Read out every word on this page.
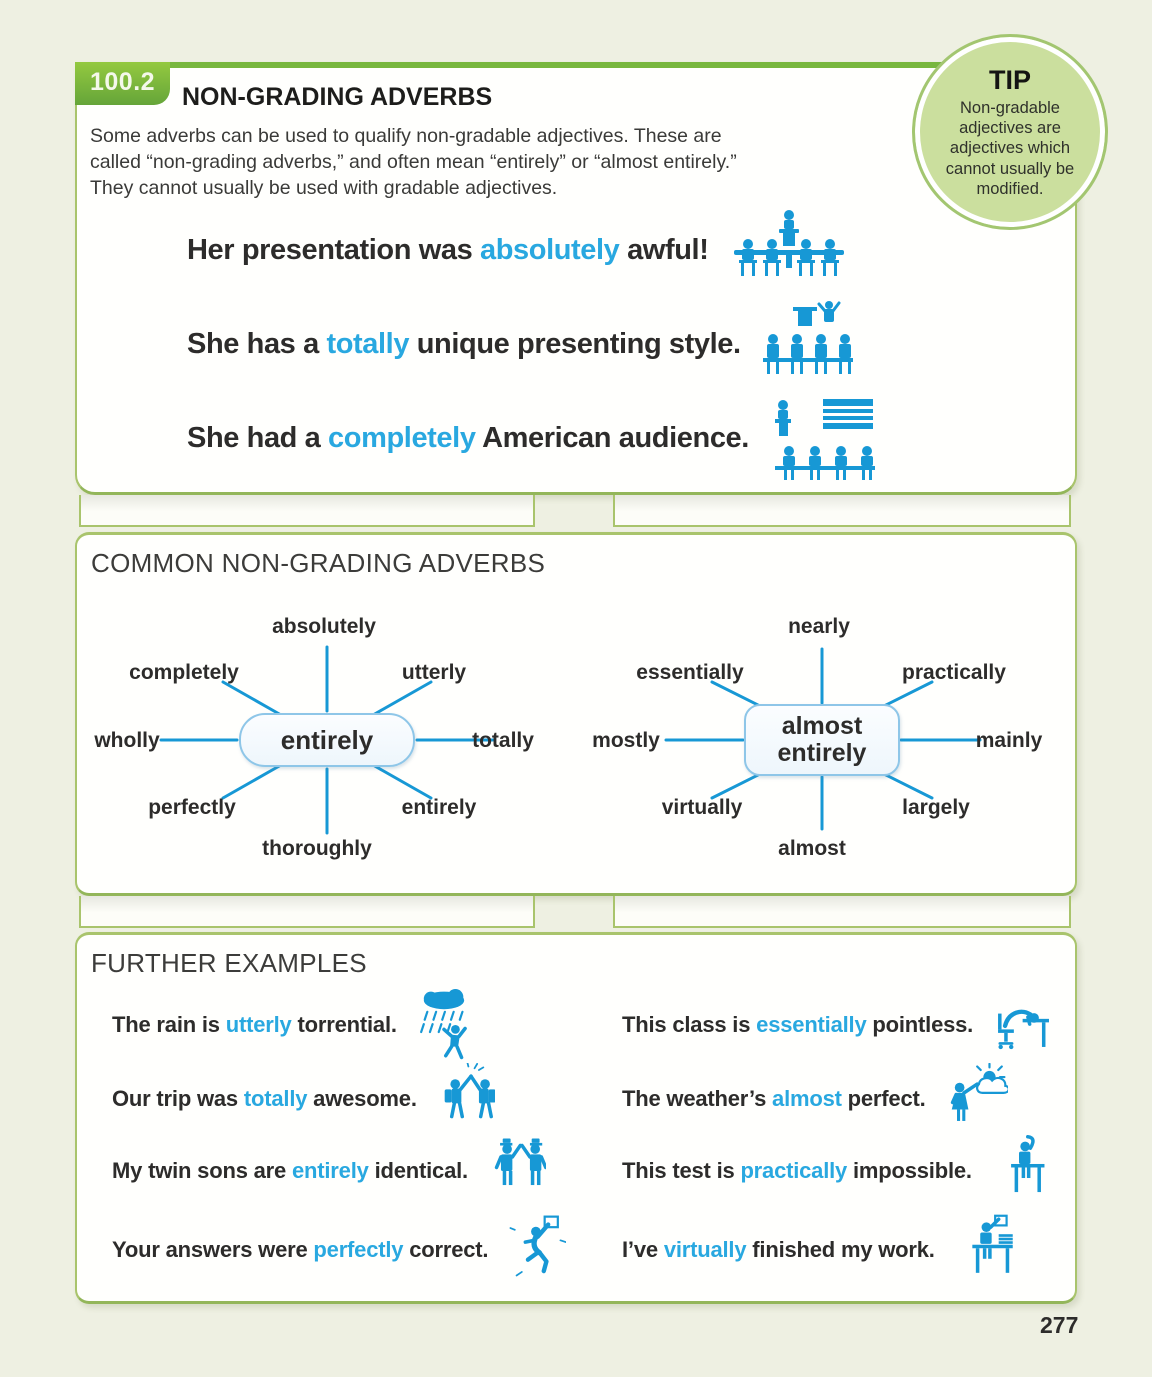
100.2
NON-GRADING ADVERBS
Some adverbs can be used to qualify non-gradable adjectives. These are called “non-grading adverbs,” and often mean “entirely” or “almost entirely.” They cannot usually be used with gradable adjectives.
Her presentation was absolutely awful!
She has a totally unique presenting style.
She had a completely American audience.
TIP
Non-gradable adjectives are adjectives which cannot usually be modified.
COMMON NON-GRADING ADVERBS
entirely
absolutely
completely	utterly
wholly	totally
perfectly	entirely
thoroughly
almost entirely
nearly
essentially	practically
mostly	mainly
virtually	largely
almost
FURTHER EXAMPLES
The rain is utterly torrential.
Our trip was totally awesome.
My twin sons are entirely identical.
Your answers were perfectly correct.
This class is essentially pointless.
The weather’s almost perfect.
This test is practically impossible.
I’ve virtually finished my work.
277
